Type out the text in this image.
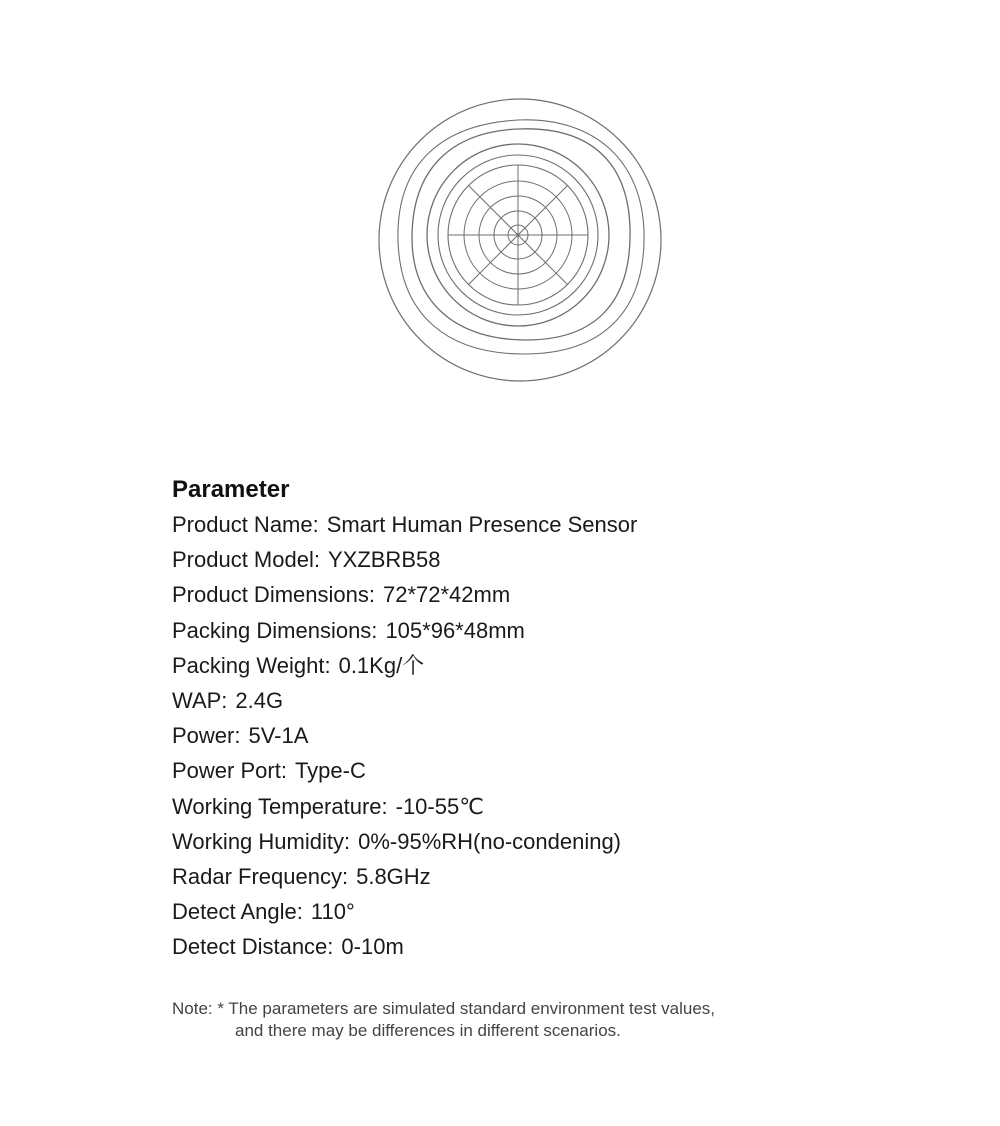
Parameter
Product Name: Smart Human Presence Sensor
Product Model: YXZBRB58
Product Dimensions: 72*72*42mm
Packing Dimensions: 105*96*48mm
Packing Weight: 0.1Kg/个
WAP: 2.4G
Power: 5V-1A
Power Port: Type-C
Working Temperature: -10-55℃
Working Humidity: 0%-95%RH(no-condening)
Radar Frequency: 5.8GHz
Detect Angle: 110°
Detect Distance: 0-10m
Note: * The parameters are simulated standard environment test values,
and there may be differences in different scenarios.
